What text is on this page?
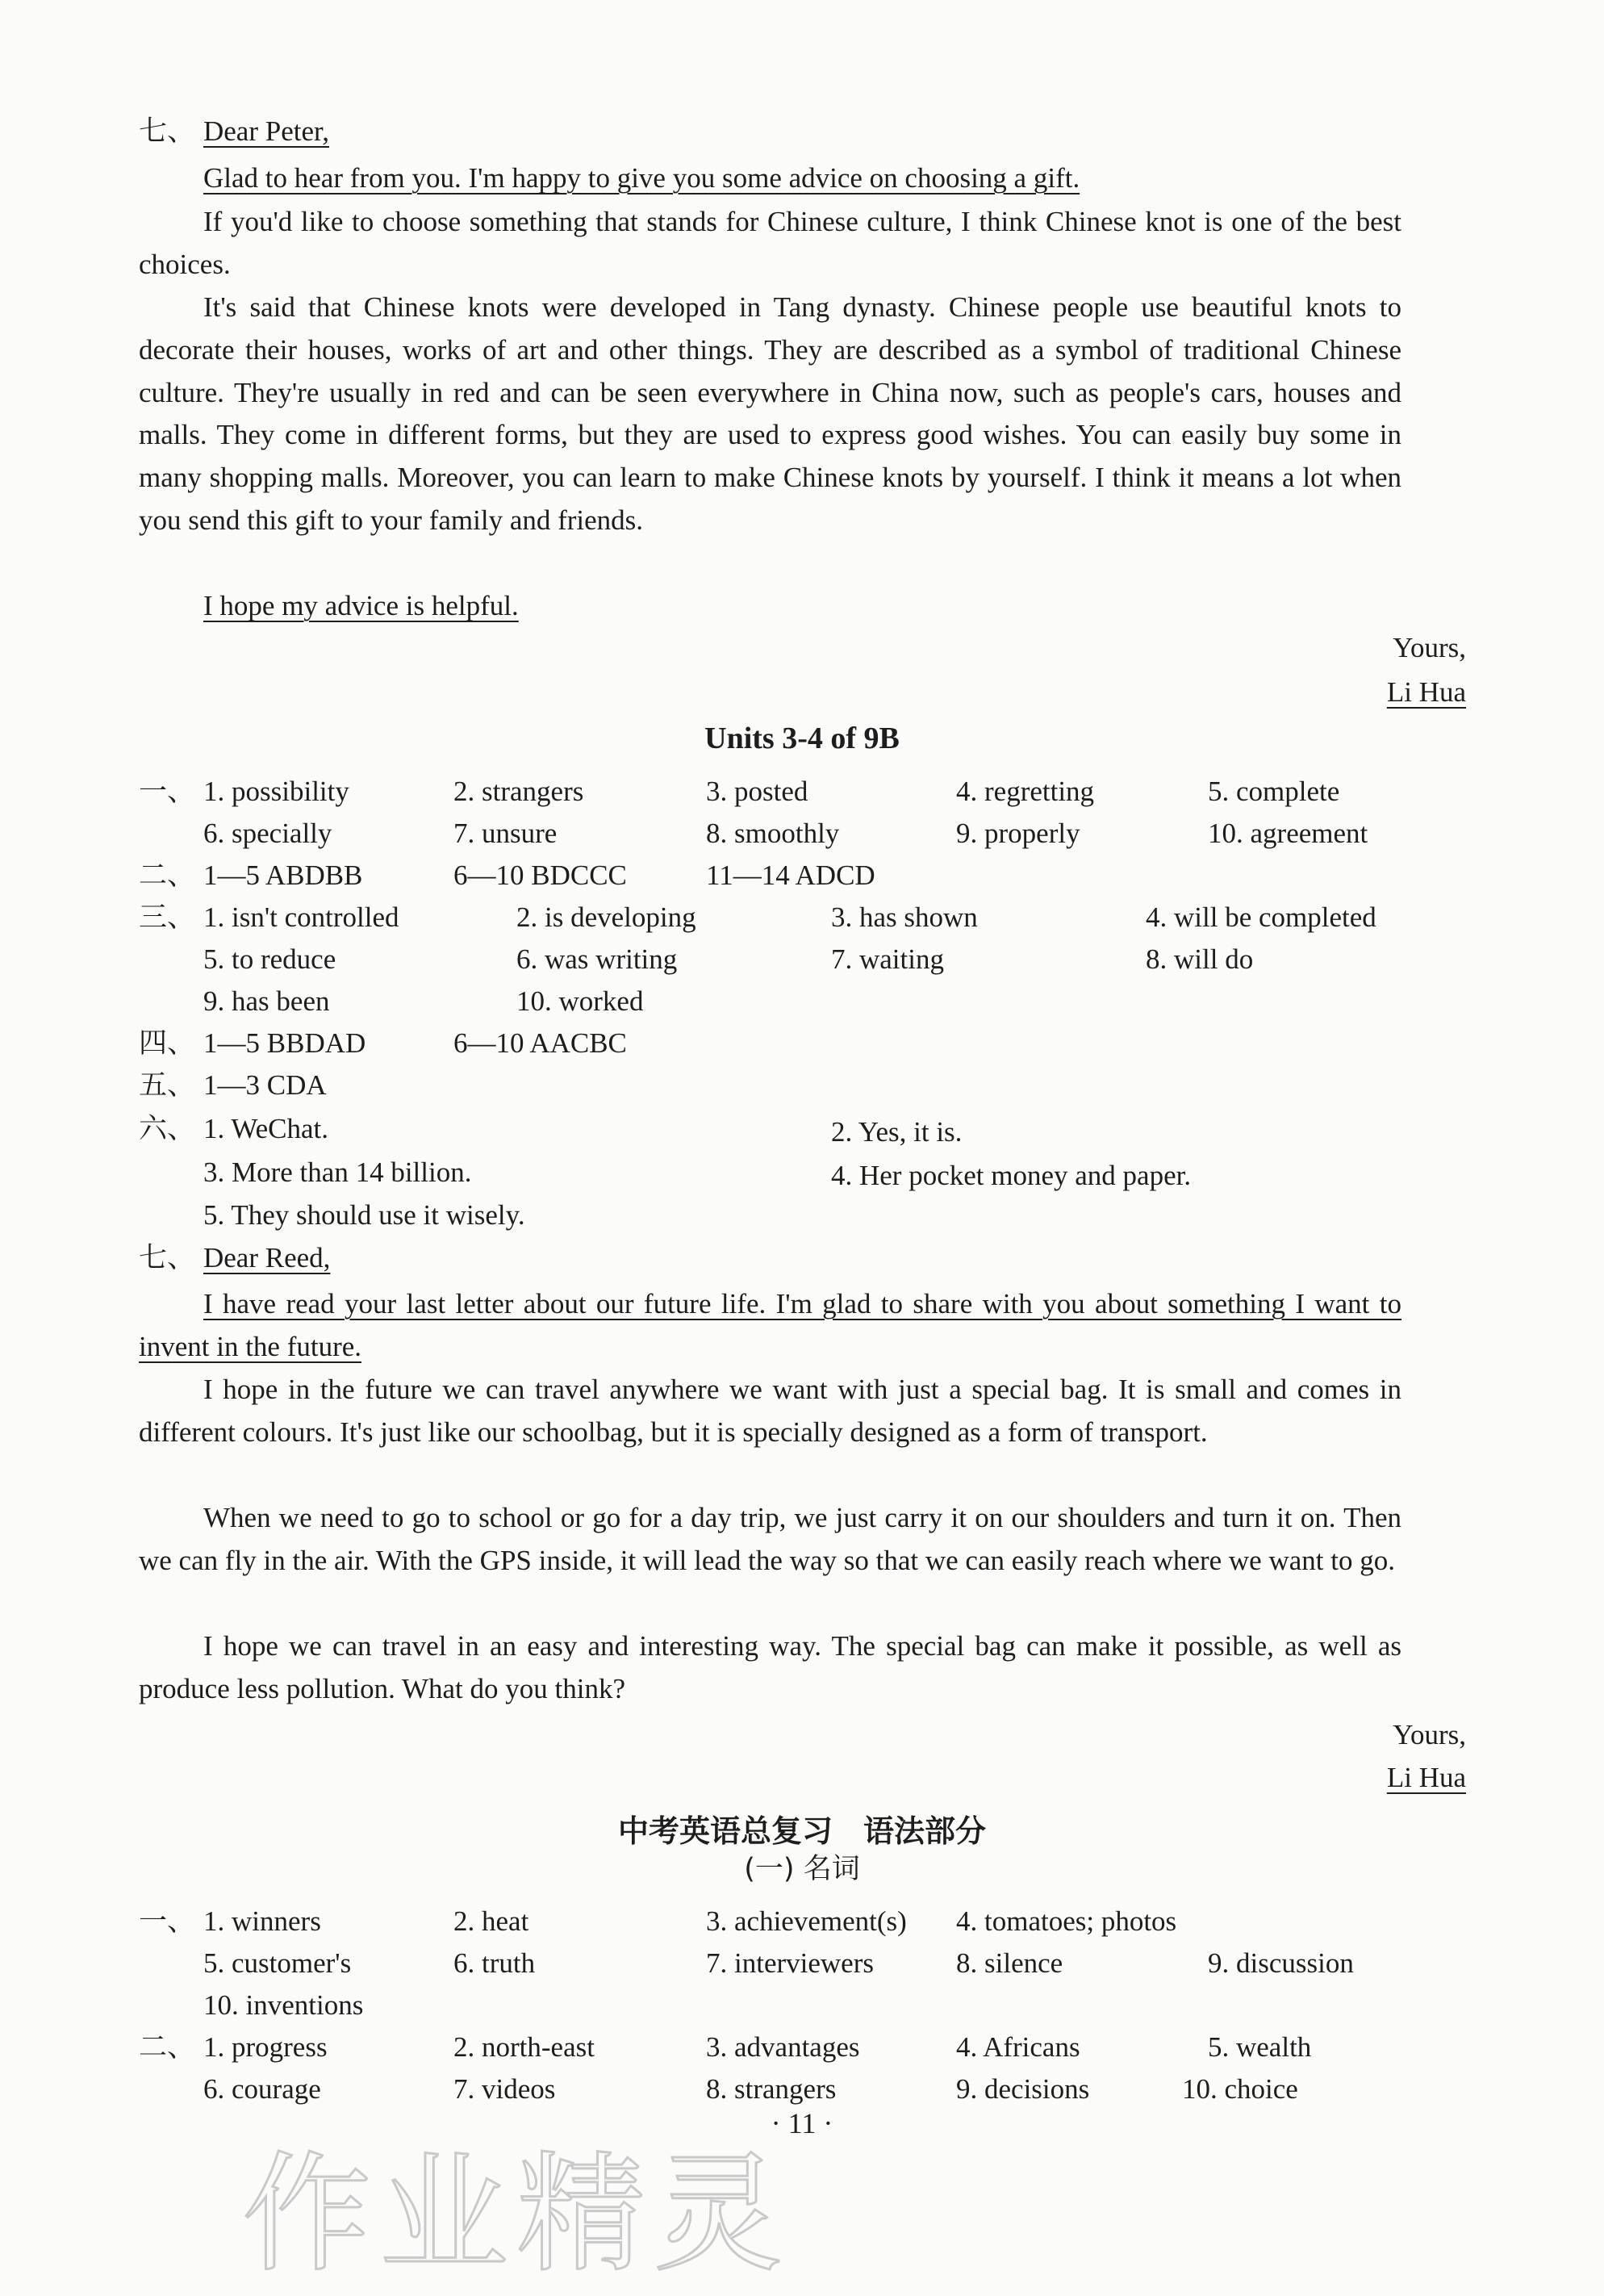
七、 Dear Peter,
Glad to hear from you. I'm happy to give you some advice on choosing a gift.
If you'd like to choose something that stands for Chinese culture, I think Chinese knot is one of the best choices.
It's said that Chinese knots were developed in Tang dynasty. Chinese people use beautiful knots to decorate their houses, works of art and other things. They are described as a symbol of traditional Chinese culture. They're usually in red and can be seen everywhere in China now, such as people's cars, houses and malls. They come in different forms, but they are used to express good wishes. You can easily buy some in many shopping malls. Moreover, you can learn to make Chinese knots by yourself. I think it means a lot when you send this gift to your family and friends.
I hope my advice is helpful.
Yours,
Li Hua
Units 3-4 of 9B
一、 1. possibility	2. strangers	3. posted	4. regretting	5. complete
6. specially	7. unsure	8. smoothly	9. properly	10. agreement
二、 1—5 ABDBB	6—10 BDCCC	11—14 ADCD
三、 1. isn't controlled	2. is developing	3. has shown	4. will be completed
5. to reduce	6. was writing	7. waiting	8. will do
9. has been	10. worked
四、 1—5 BBDAD	6—10 AACBC
五、 1—3 CDA
六、 1. WeChat.	2. Yes, it is.
3. More than 14 billion.	4. Her pocket money and paper.
5. They should use it wisely.
七、 Dear Reed,
I have read your last letter about our future life. I'm glad to share with you about something I want to invent in the future.
I hope in the future we can travel anywhere we want with just a special bag. It is small and comes in different colours. It's just like our schoolbag, but it is specially designed as a form of transport.
When we need to go to school or go for a day trip, we just carry it on our shoulders and turn it on. Then we can fly in the air. With the GPS inside, it will lead the way so that we can easily reach where we want to go.
I hope we can travel in an easy and interesting way. The special bag can make it possible, as well as produce less pollution. What do you think?
Yours,
Li Hua
中考英语总复习　语法部分
(一) 名词
一、 1. winners	2. heat	3. achievement(s) 4. tomatoes; photos
5. customer's	6. truth	7. interviewers	8. silence	9. discussion
10. inventions
二、 1. progress	2. north-east	3. advantages	4. Africans	5. wealth
6. courage	7. videos	8. strangers	9. decisions	10. choice
· 11 ·
作业精灵
